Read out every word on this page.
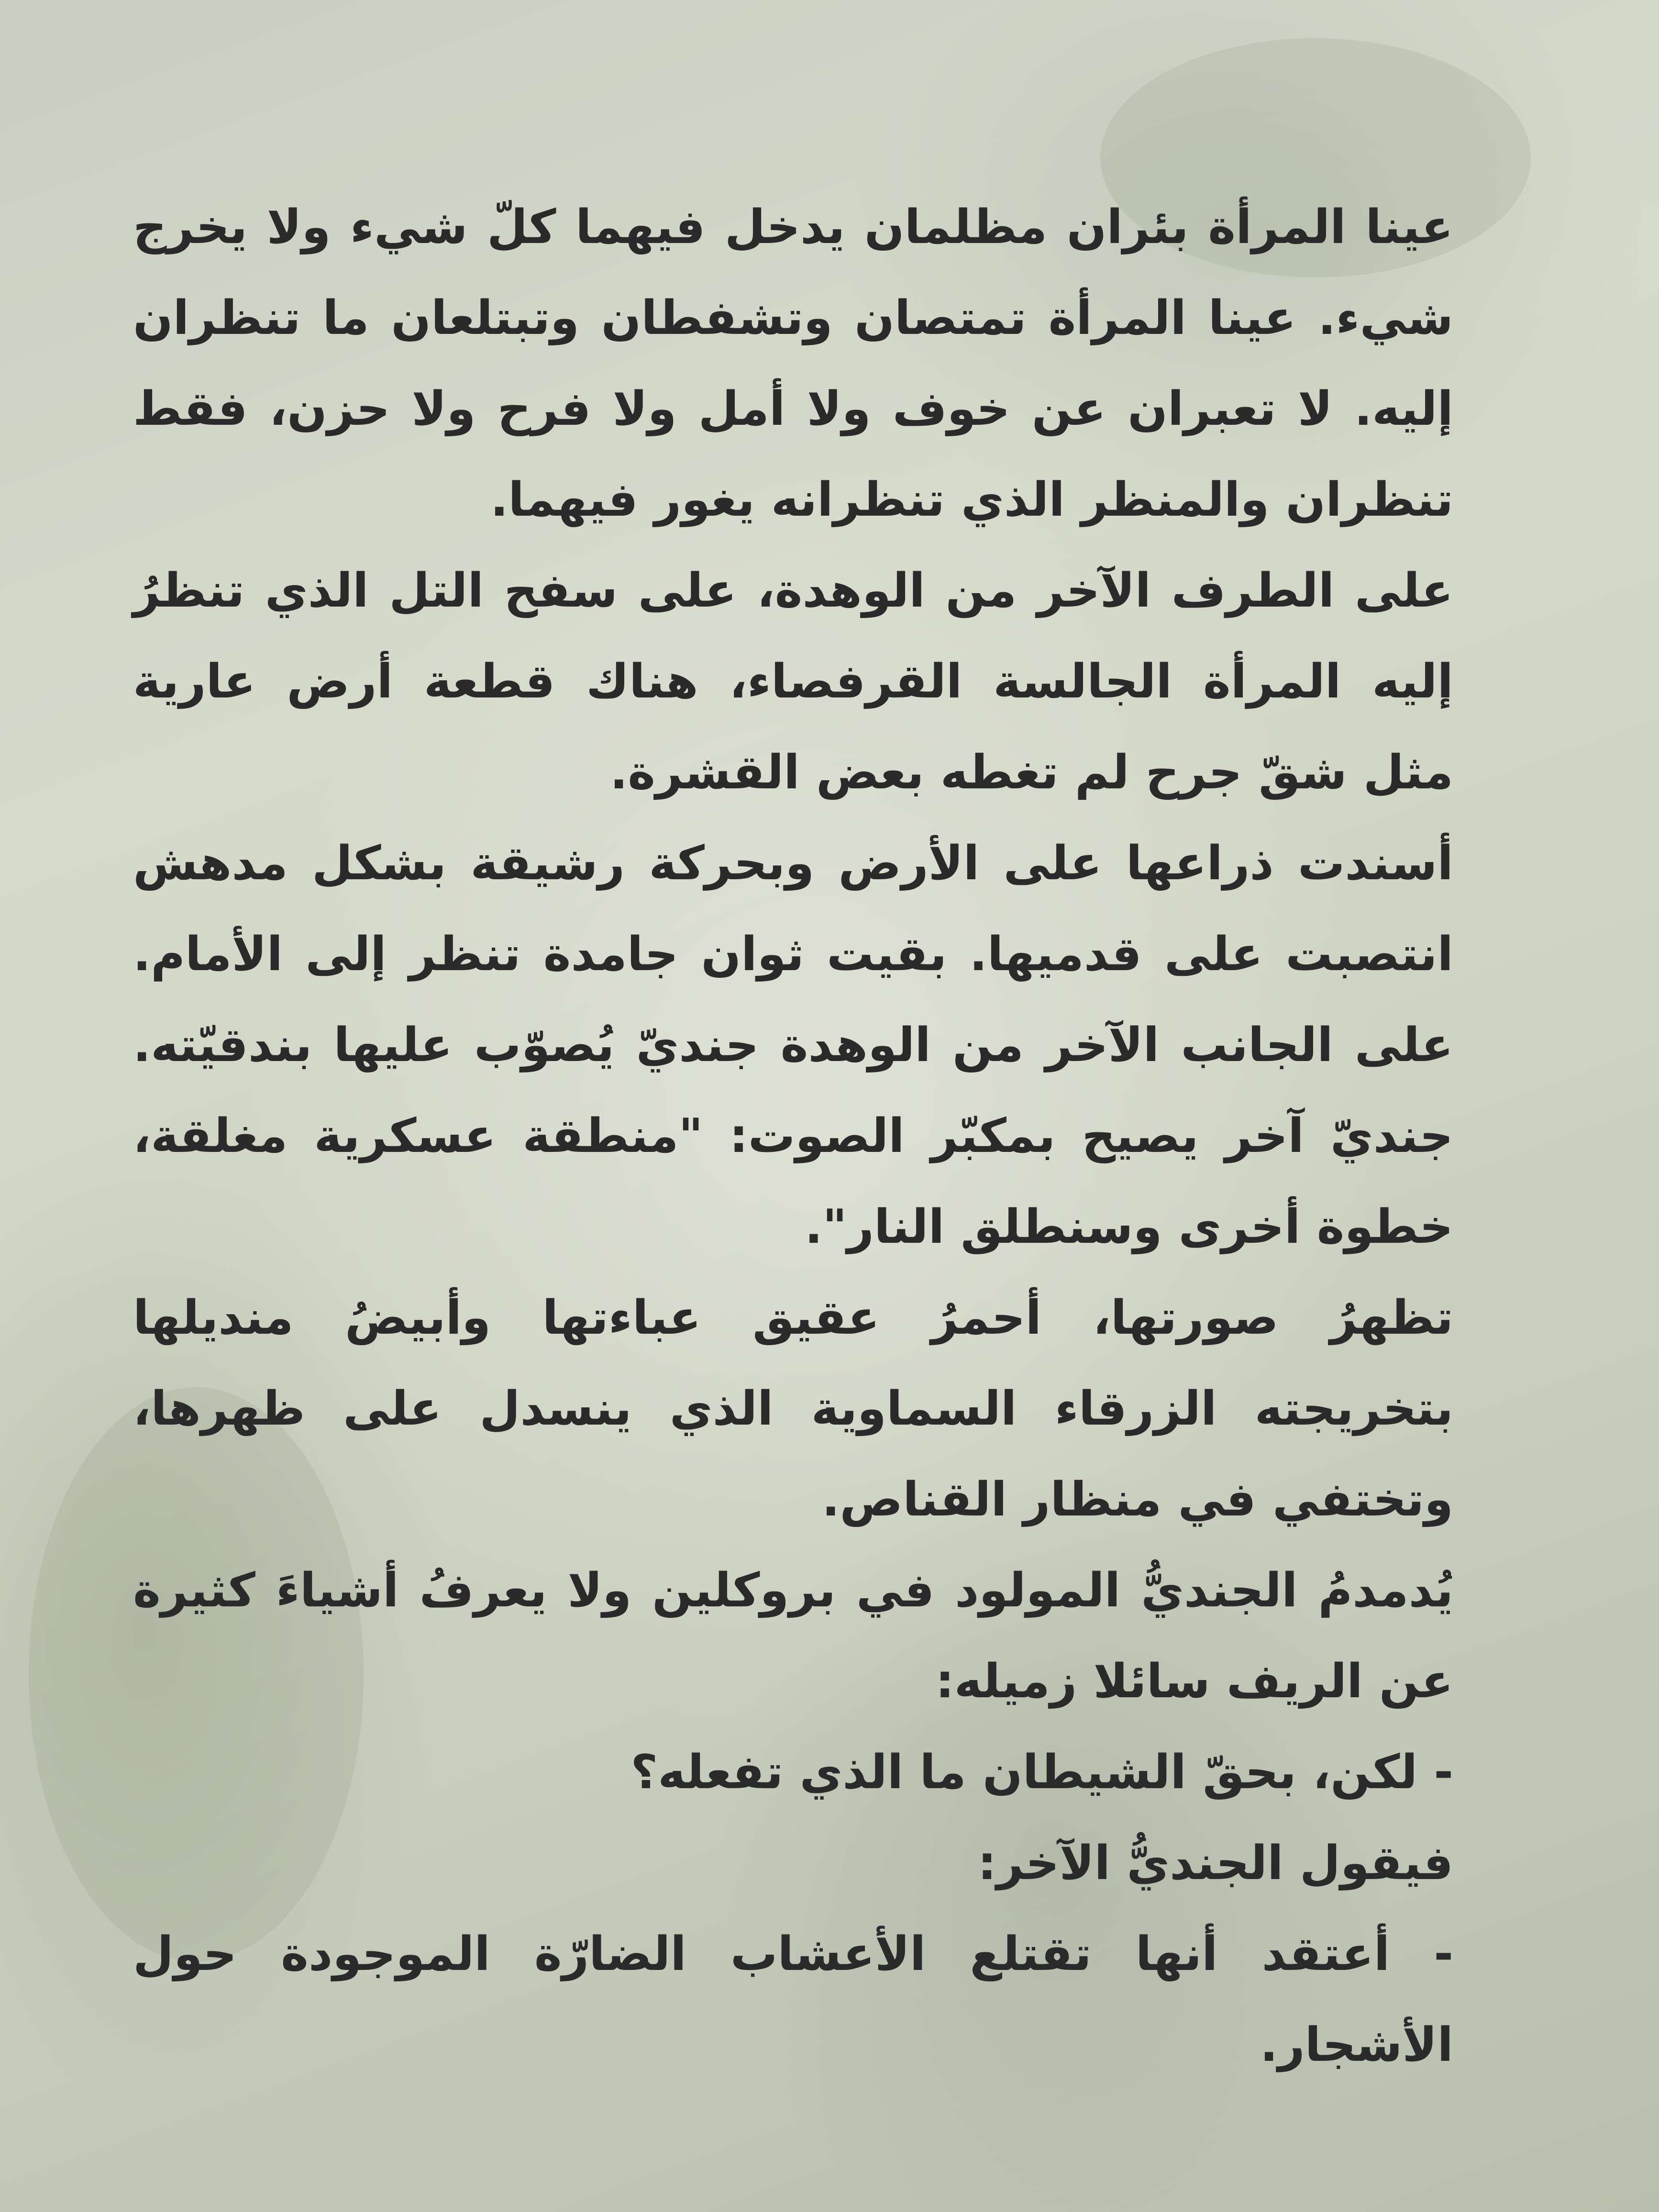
عينا المرأة بئران مظلمان يدخل فيهما كلّ شيء ولا يخرج شيء. عينا المرأة تمتصان وتشفطان وتبتلعان ما تنظران إليه. لا تعبران عن خوف ولا أمل ولا فرح ولا حزن، فقط تنظران والمنظر الذي تنظرانه يغور فيهما.

على الطرف الآخر من الوهدة، على سفح التل الذي تنظرُ إليه المرأة الجالسة القرفصاء، هناك قطعة أرض عارية مثل شقّ جرح لم تغطه بعض القشرة.

أسندت ذراعها على الأرض وبحركة رشيقة بشكل مدهش انتصبت على قدميها. بقيت ثوان جامدة تنظر إلى الأمام. على الجانب الآخر من الوهدة جنديّ يُصوّب عليها بندقيّته. جنديّ آخر يصيح بمكبّر الصوت: "منطقة عسكرية مغلقة، خطوة أخرى وسنطلق النار".

تظهرُ صورتها، أحمرُ عقيق عباءتها وأبيضُ منديلها بتخريجته الزرقاء السماوية الذي ينسدل على ظهرها، وتختفي في منظار القناص.

يُدمدمُ الجنديُّ المولود في بروكلين ولا يعرفُ أشياءَ كثيرة عن الريف سائلا زميله:

- لكن، بحقّ الشيطان ما الذي تفعله؟

فيقول الجنديُّ الآخر:

- أعتقد أنها تقتلع الأعشاب الضارّة الموجودة حول الأشجار.
